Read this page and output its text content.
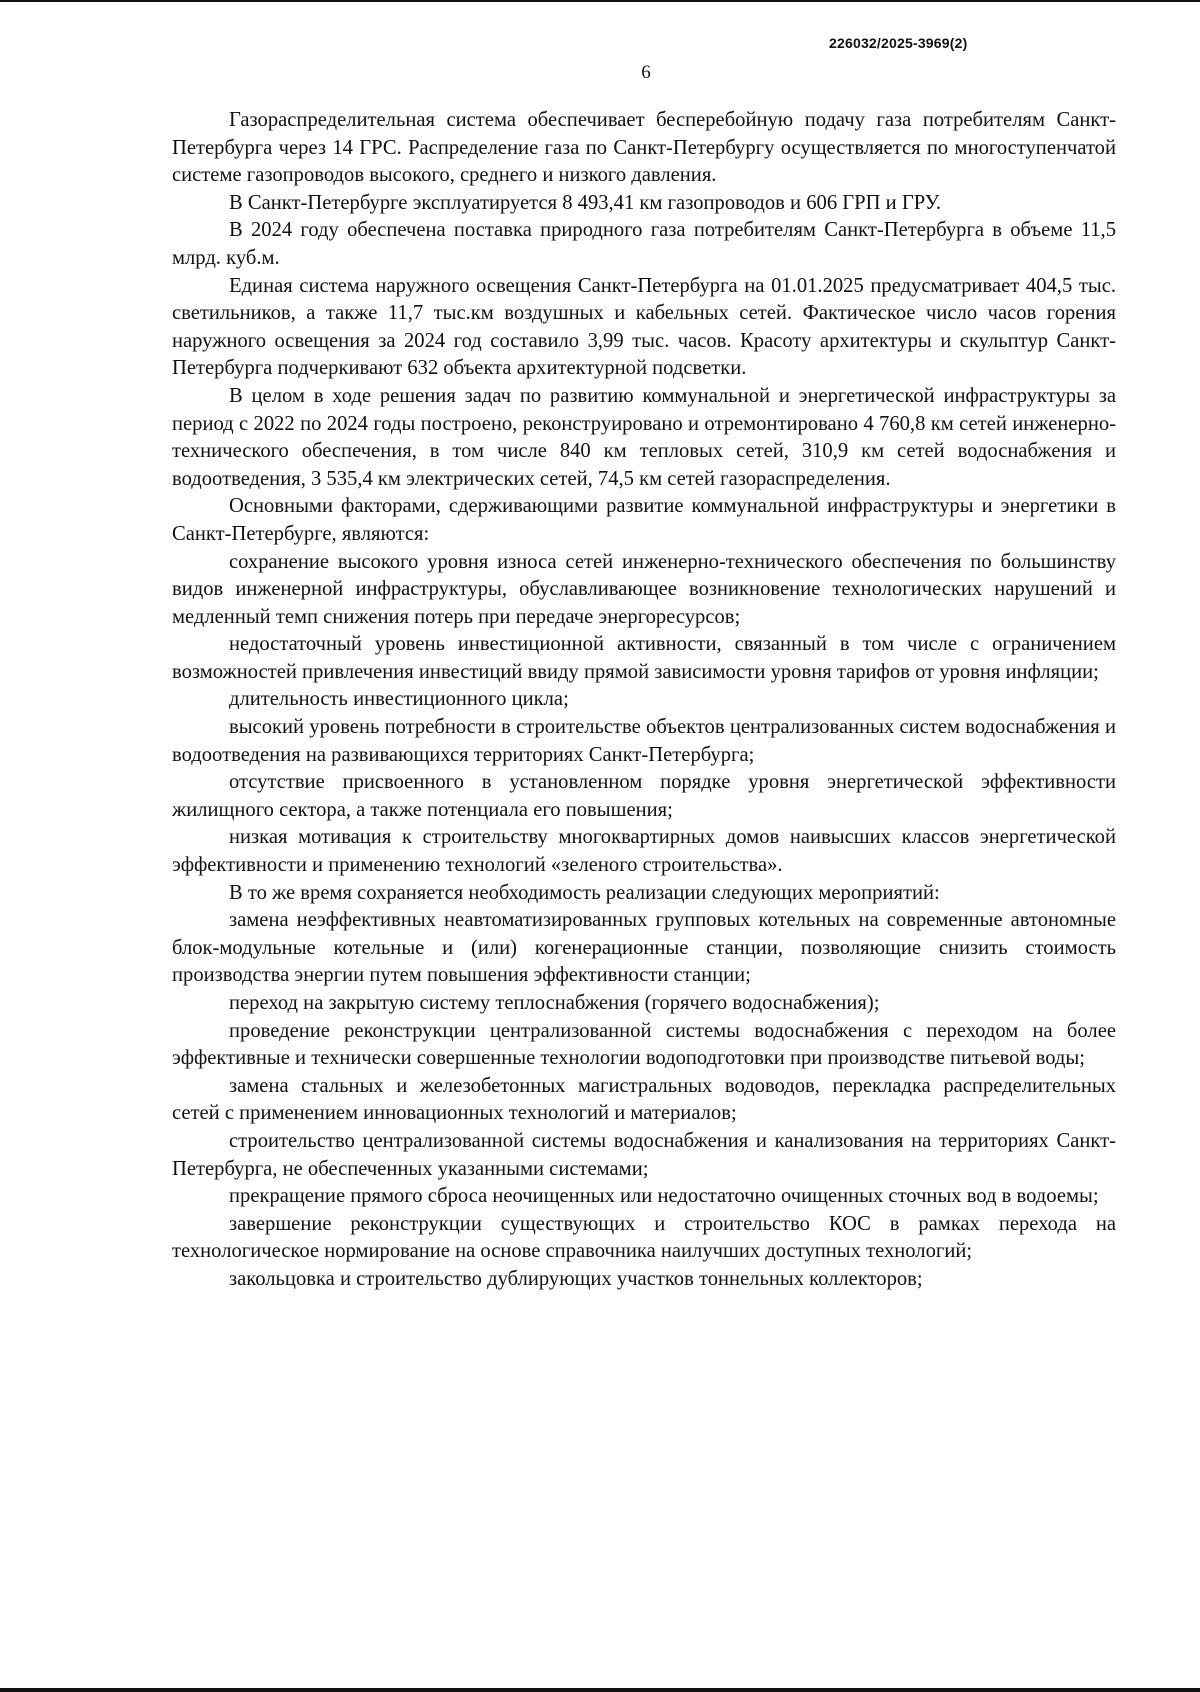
226032/2025-3969(2)
6

Газораспределительная система обеспечивает бесперебойную подачу газа потребителям Санкт-Петербурга через 14 ГРС. Распределение газа по Санкт-Петербургу осуществляется по многоступенчатой системе газопроводов высокого, среднего и низкого давления.

В Санкт-Петербурге эксплуатируется 8 493,41 км газопроводов и 606 ГРП и ГРУ.

В 2024 году обеспечена поставка природного газа потребителям Санкт-Петербурга в объеме 11,5 млрд. куб.м.

Единая система наружного освещения Санкт-Петербурга на 01.01.2025 предусматривает 404,5 тыс. светильников, а также 11,7 тыс.км воздушных и кабельных сетей. Фактическое число часов горения наружного освещения за 2024 год составило 3,99 тыс. часов. Красоту архитектуры и скульптур Санкт-Петербурга подчеркивают 632 объекта архитектурной подсветки.

В целом в ходе решения задач по развитию коммунальной и энергетической инфраструктуры за период с 2022 по 2024 годы построено, реконструировано и отремонтировано 4 760,8 км сетей инженерно-технического обеспечения, в том числе 840 км тепловых сетей, 310,9 км сетей водоснабжения и водоотведения, 3 535,4 км электрических сетей, 74,5 км сетей газораспределения.

Основными факторами, сдерживающими развитие коммунальной инфраструктуры и энергетики в Санкт-Петербурге, являются:

сохранение высокого уровня износа сетей инженерно-технического обеспечения по большинству видов инженерной инфраструктуры, обуславливающее возникновение технологических нарушений и медленный темп снижения потерь при передаче энергоресурсов;

недостаточный уровень инвестиционной активности, связанный в том числе с ограничением возможностей привлечения инвестиций ввиду прямой зависимости уровня тарифов от уровня инфляции;

длительность инвестиционного цикла;

высокий уровень потребности в строительстве объектов централизованных систем водоснабжения и водоотведения на развивающихся территориях Санкт-Петербурга;

отсутствие присвоенного в установленном порядке уровня энергетической эффективности жилищного сектора, а также потенциала его повышения;

низкая мотивация к строительству многоквартирных домов наивысших классов энергетической эффективности и применению технологий «зеленого строительства».

В то же время сохраняется необходимость реализации следующих мероприятий:

замена неэффективных неавтоматизированных групповых котельных на современные автономные блок-модульные котельные и (или) когенерационные станции, позволяющие снизить стоимость производства энергии путем повышения эффективности станции;

переход на закрытую систему теплоснабжения (горячего водоснабжения);

проведение реконструкции централизованной системы водоснабжения с переходом на более эффективные и технически совершенные технологии водоподготовки при производстве питьевой воды;

замена стальных и железобетонных магистральных водоводов, перекладка распределительных сетей с применением инновационных технологий и материалов;

строительство централизованной системы водоснабжения и канализования на территориях Санкт-Петербурга, не обеспеченных указанными системами;

прекращение прямого сброса неочищенных или недостаточно очищенных сточных вод в водоемы;

завершение реконструкции существующих и строительство КОС в рамках перехода на технологическое нормирование на основе справочника наилучших доступных технологий;

закольцовка и строительство дублирующих участков тоннельных коллекторов;
